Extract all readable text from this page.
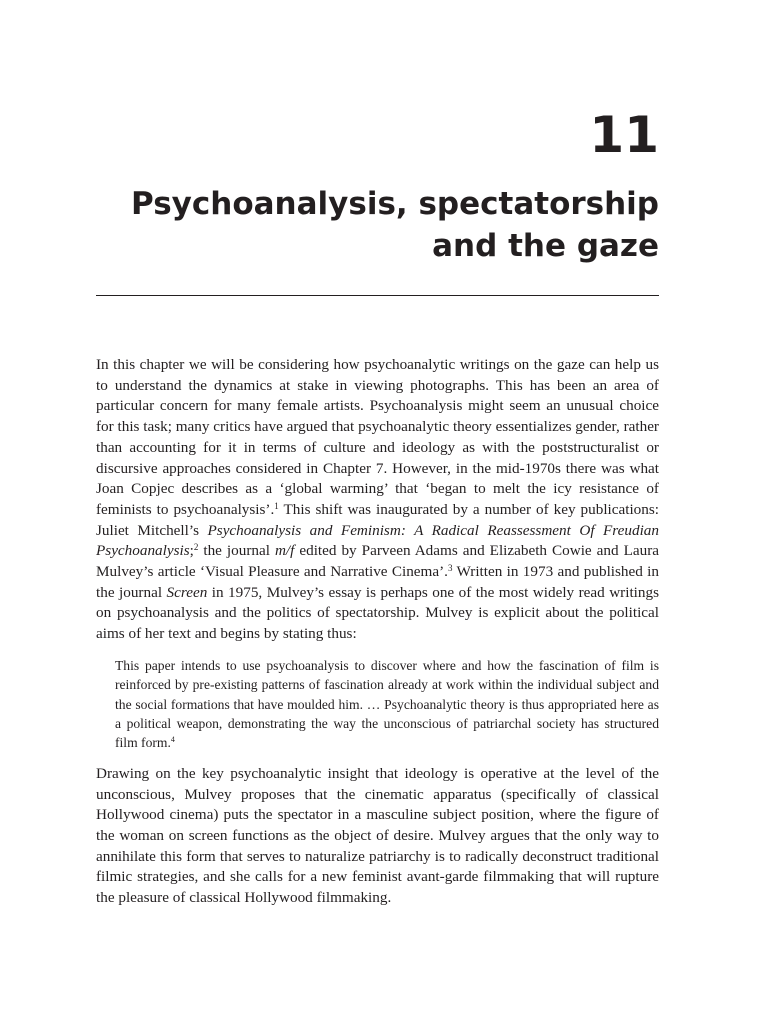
11
Psychoanalysis, spectatorship
and the gaze

In this chapter we will be considering how psychoanalytic writings on the gaze can help us to understand the dynamics at stake in viewing photographs. This has been an area of particular concern for many female artists. Psychoanalysis might seem an unusual choice for this task; many critics have argued that psychoanalytic theory essentializes gender, rather than accounting for it in terms of culture and ideology as with the poststructuralist or discursive approaches considered in Chapter 7. However, in the mid-1970s there was what Joan Copjec describes as a ‘global warming’ that ‘began to melt the icy resistance of feminists to psychoanalysis’.$^1$ This shift was inaugurated by a number of key publications: Juliet Mitchell’s Psychoanalysis and Feminism: A Radical Reassessment Of Freudian Psychoanalysis;$^2$ the journal m/f edited by Parveen Adams and Elizabeth Cowie and Laura Mulvey’s article ‘Visual Pleasure and Narrative Cinema’.$^3$ Written in 1973 and published in the journal Screen in 1975, Mulvey’s essay is perhaps one of the most widely read writings on psychoanalysis and the politics of spectatorship. Mulvey is explicit about the political aims of her text and begins by stating thus:

This paper intends to use psychoanalysis to discover where and how the fascination of film is reinforced by pre-existing patterns of fascination already at work within the individual subject and the social formations that have moulded him. … Psychoanalytic theory is thus appropriated here as a political weapon, demonstrating the way the unconscious of patriarchal society has structured film form.$^4$

Drawing on the key psychoanalytic insight that ideology is operative at the level of the unconscious, Mulvey proposes that the cinematic apparatus (specifically of classical Hollywood cinema) puts the spectator in a masculine subject position, where the figure of the woman on screen functions as the object of desire. Mulvey argues that the only way to annihilate this form that serves to naturalize patriarchy is to radically deconstruct traditional filmic strategies, and she calls for a new feminist avant-garde filmmaking that will rupture the pleasure of classical Hollywood filmmaking.
